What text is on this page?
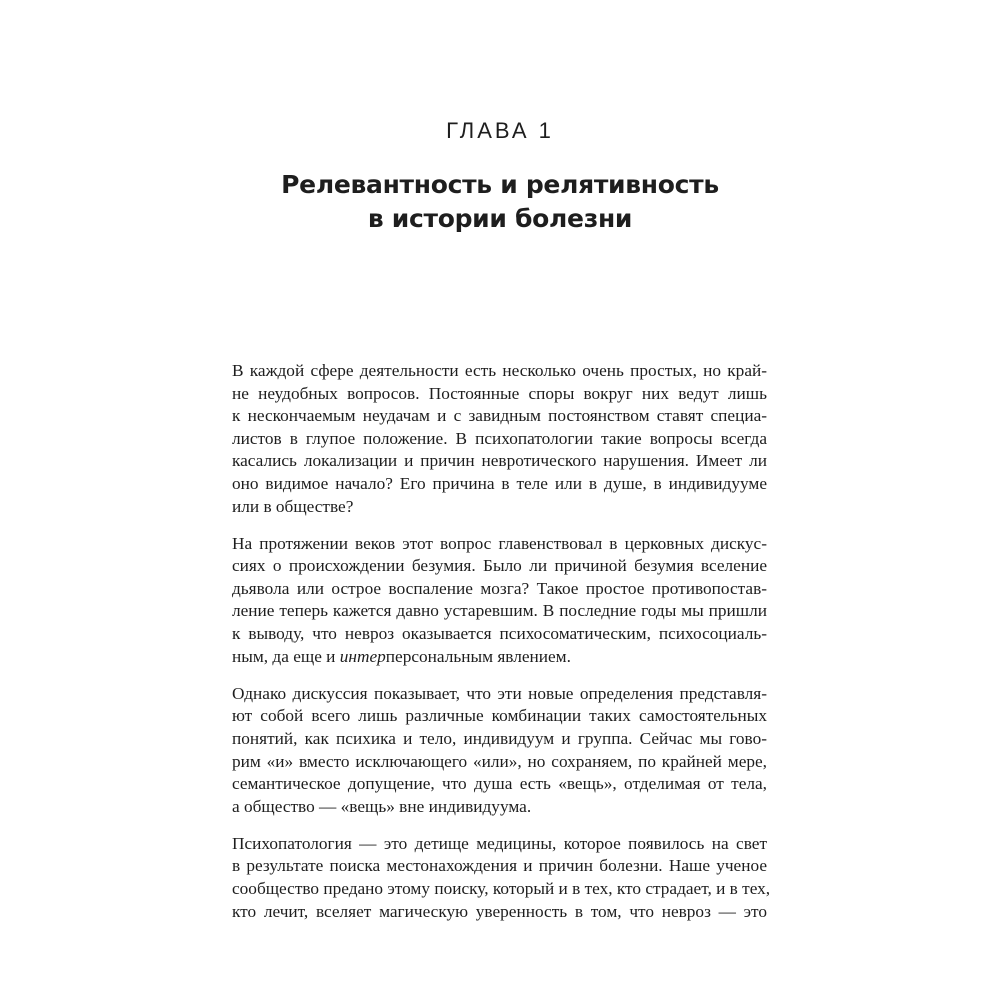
ГЛАВА 1
Релевантность и релятивность
в истории болезни

В каждой сфере деятельности есть несколько очень простых, но край-
не неудобных вопросов. Постоянные споры вокруг них ведут лишь
к нескончаемым неудачам и с завидным постоянством ставят специа-
листов в глупое положение. В психопатологии такие вопросы всегда
касались локализации и причин невротического нарушения. Имеет ли
оно видимое начало? Его причина в теле или в душе, в индивидууме
или в обществе?

На протяжении веков этот вопрос главенствовал в церковных дискус-
сиях о происхождении безумия. Было ли причиной безумия вселение
дьявола или острое воспаление мозга? Такое простое противопостав-
ление теперь кажется давно устаревшим. В последние годы мы пришли
к выводу, что невроз оказывается психосоматическим, психосоциаль-
ным, да еще и интерперсональным явлением.

Однако дискуссия показывает, что эти новые определения представля-
ют собой всего лишь различные комбинации таких самостоятельных
понятий, как психика и тело, индивидуум и группа. Сейчас мы гово-
рим «и» вместо исключающего «или», но сохраняем, по крайней мере,
семантическое допущение, что душа есть «вещь», отделимая от тела,
а общество — «вещь» вне индивидуума.

Психопатология — это детище медицины, которое появилось на свет
в результате поиска местонахождения и причин болезни. Наше ученое
сообщество предано этому поиску, который и в тех, кто страдает, и в тех,
кто лечит, вселяет магическую уверенность в том, что невроз — это
